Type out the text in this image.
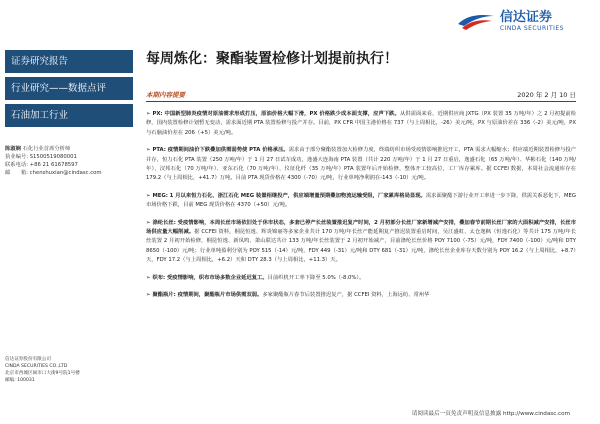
信达证券
CINDA SECURITIES
证券研究报告
行业研究——数据点评
石油加工行业
陈淑娴 石化行业首席分析师
执业编号: S1500519080001
联系电话: +86 21 61678597
邮　　箱: chenshuxian@cindasc.com
信达证券股份有限公司
CINDA SECURITIES CO.,LTD
北京市西城区闹市口大街9号院1号楼
邮编: 100031
每周炼化：聚酯装置检修计划提前执行！
本期内容提要	2020 年 2 月 10 日
➢ PX: 中国新型肺炎疫情对原油需求形成打压，原油价格大幅下滑，PX 价格跌少成本面支撑，应声下跌。从供需面来看，近期供应商 JXTG（PX 装置 35 万吨/年）之 2 月初提前检修，国内装置检修计划暂无变动，需求面近期 PTA 装置检修与投产并存。目前，PX CFR 中国主港价格在 737（与上周相比，-26）美元/吨，PX 与原油价差在 336（-2）美元/吨，PX 与石脑油价差在 206（+5）美元/吨。
➢ PTA: 疫情期间油价下跌叠加供需弱势使 PTA 价格承压。需求由于部分聚酯装置加大检修力度，终端纺织市场受疫情影响推迟开工，PTA 需求大幅缩水；供应端近期装置检修与投产并存，恒力石化 PTA 装置（250 万吨/年）于 1 月 27 日试车成功，逸盛大连海南 PTA 装置（共计 220 万吨/年）于 1 月 27 日重启，逸盛石化（65 万吨/年）、华彬石化（140 万吨/年）、汉邦石化（70 万吨/年）、亚东石化（70 万吨/年）、仪征化纤（35 万吨/年）PTA 装置年后开始检修，整体开工较高位，工厂库存累库。据 CCFEI 数据，本周社会流通库存在 179.2（与上周相比，+41.7）万吨。目前 PTA 现货价格在 4300（-70）元/吨，行业单吨净利润在-143（-10）元/吨。
➢ MEG: 1 月以来恒力石化、浙江石化 MEG 装置相继投产，供应端增量预期叠加物流运输受阻，厂家累库格局显现。需求面聚酯下游行业开工率进一步下降，供需关系恶化下，MEG 市场价格下跌，目前 MEG 现货价格在 4370（+50）元/吨。
➢ 涤纶长丝: 受疫情影响，本周长丝市场依旧处于休市状态，多套已停产长丝装置推迟复产时间，2 月初部分长丝厂家新增减产安排，叠加春节前期长丝厂家的大面积减产安排，长丝市场供应量大幅削减。据 CCFEI 资料，桐昆恒逸、辉炎锦丽等多家企业共计 170 万吨/年长丝产能延期复产推迟装置重启时间，吴江盛虹、太仓逸枫（恒逸石化）等共计 175 万吨/年长丝装置 2 月初开始检修，桐昆恒逸、新凤鸣、萧山联达共计 133 万吨/年长丝装置于 2 月初开始减产，目前涤纶长丝价格 POY 7100（-75）元/吨，FDY 7400（-100）元/吨和 DTY 8650（-100）元/吨；行业单吨盈利分别为 POY 515（-14）元/吨，FDY 449（-31）元/吨和 DTY 681（-31）元/吨，涤纶长丝企业库存天数分别为 POY 16.2（与上周相比，+8.7）天，FDY 17.2（与上周相比，+6.2）天和 DTY 28.3（与上周相比，+11.3）天。
➢ 织布: 受疫情影响，织布市场多数企业延迟复工。目前织机开工率下降至 5.0%（-8.0%）。
➢ 聚酯瓶片: 疫情期间，聚酯瓶片市场供需双弱。多家聚酯瓶片春节后装置推迟复产，据 CCFEI 资料，上海远纺、常州华
请阅读最后一页免责声明及信息披露 http://www.cindasc.com
